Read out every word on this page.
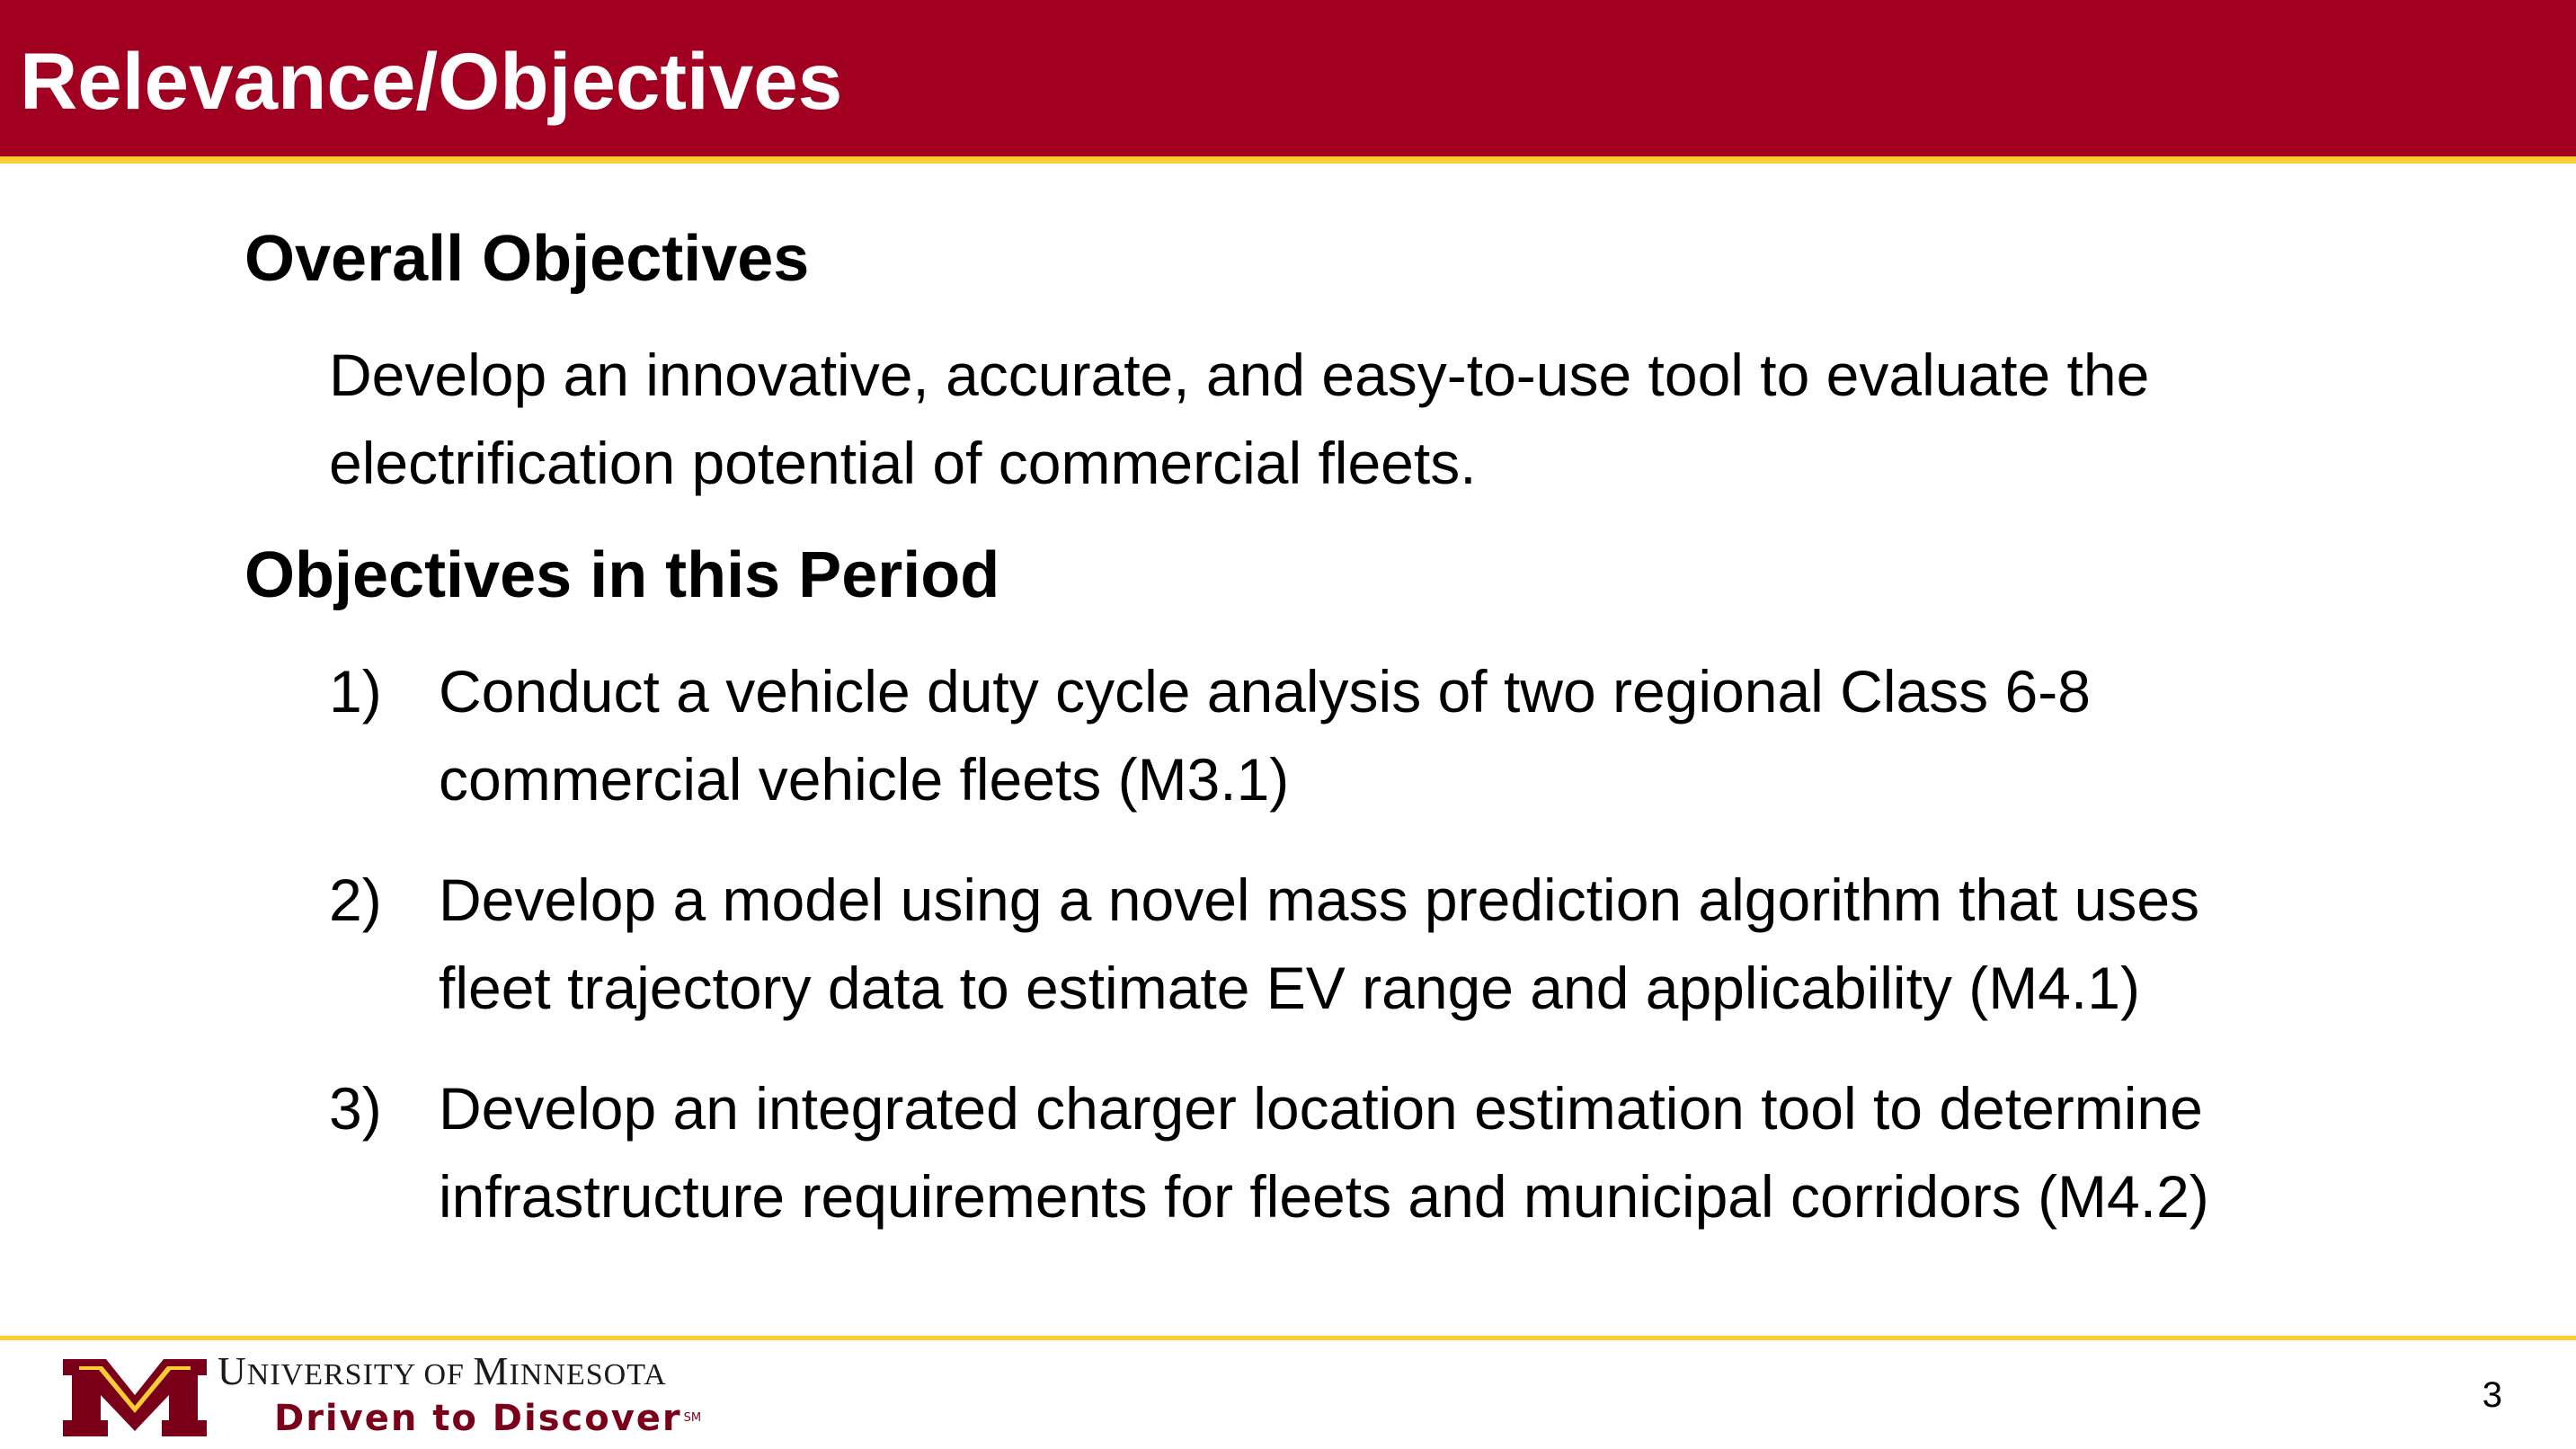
Relevance/Objectives
Overall Objectives

Develop an innovative, accurate, and easy-to-use tool to evaluate the
electrification potential of commercial fleets.

Objectives in this Period
1) Conduct a vehicle duty cycle analysis of two regional Class 6-8
commercial vehicle fleets (M3.1)
2) Develop a model using a novel mass prediction algorithm that uses
fleet trajectory data to estimate EV range and applicability (M4.1)
3) Develop an integrated charger location estimation tool to determine
infrastructure requirements for fleets and municipal corridors (M4.2)
UNIVERSITY OF MINNESOTA
Driven to Discover ℠
3
